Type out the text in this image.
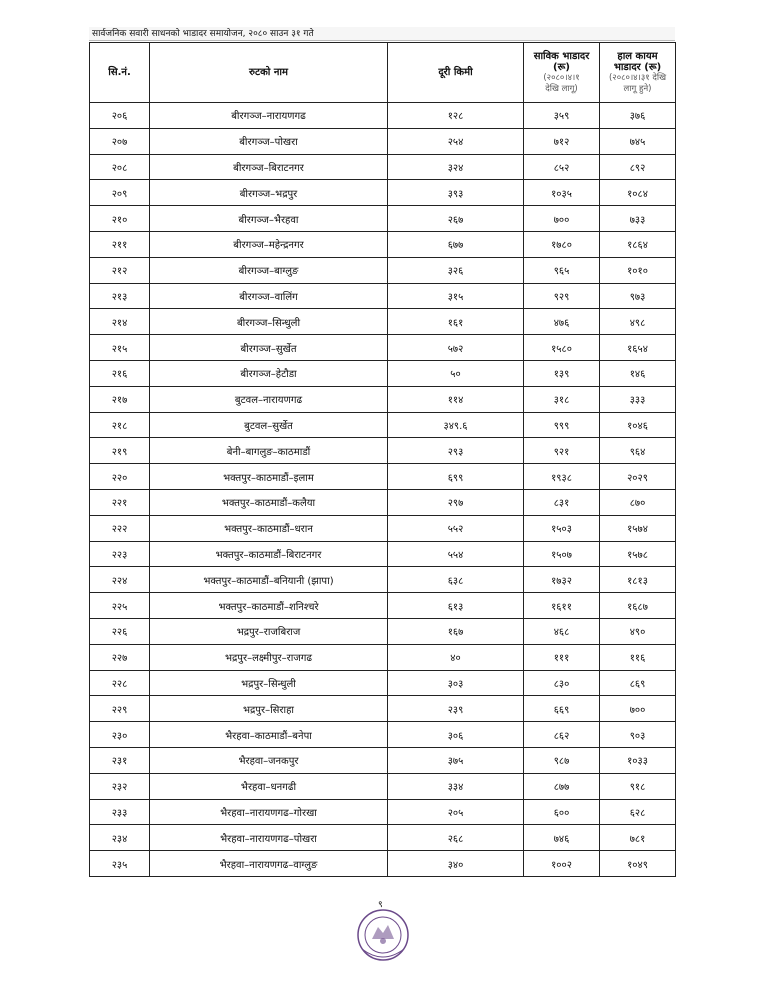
सार्वजनिक सवारी साधनको भाडादर समायोजन, २०८० साउन ३१ गते
सि.नं.	रुटको नाम	दूरी किमी	साविक भाडादर
(रू)
(२०८०।४।१
देखि लागू)	हाल कायम
भाडादर (रू)
(२०८०।४।३१ देखि
लागू हुने)

२०६	बीरगञ्ज–नारायणगढ	१२८	३५९	३७६
२०७	बीरगञ्ज–पोखरा	२५४	७१२	७४५
२०८	बीरगञ्ज–बिराटनगर	३२४	८५२	८९२
२०९	बीरगञ्ज–भद्रपुर	३९३	१०३५	१०८४
२१०	बीरगञ्ज–भैरहवा	२६७	७००	७३३
२११	बीरगञ्ज–महेन्द्रनगर	६७७	१७८०	१८६४
२१२	बीरगञ्ज–बाग्लुङ	३२६	९६५	१०१०
२१३	बीरगञ्ज–वालिंग	३१५	९२९	९७३
२१४	बीरगञ्ज–सिन्धुली	१६१	४७६	४९८
२१५	बीरगञ्ज–सुर्खेत	५७२	१५८०	१६५४
२१६	बीरगञ्ज–हेटौडा	५०	१३९	१४६
२१७	बुटवल–नारायणगढ	११४	३१८	३३३
२१८	बुटवल–सुर्खेत	३४९.६	९९९	१०४६
२१९	बेनी–बागलुङ–काठमाडौं	२९३	९२१	९६४
२२०	भक्तपुर–काठमाडौं–इलाम	६९९	१९३८	२०२९
२२१	भक्तपुर–काठमाडौं–कलैया	२९७	८३१	८७०
२२२	भक्तपुर–काठमाडौं–धरान	५५२	१५०३	१५७४
२२३	भक्तपुर–काठमाडौं–बिराटनगर	५५४	१५०७	१५७८
२२४	भक्तपुर–काठमाडौं–बनियानी (झापा)	६३८	१७३२	१८१३
२२५	भक्तपुर–काठमाडौं–शनिश्चरे	६१३	१६११	१६८७
२२६	भद्रपुर–राजबिराज	१६७	४६८	४९०
२२७	भद्रपुर–लक्ष्मीपुर–राजगढ	४०	१११	११६
२२८	भद्रपुर–सिन्धुली	३०३	८३०	८६९
२२९	भद्रपुर–सिराहा	२३९	६६९	७००
२३०	भैरहवा–काठमाडौं–बनेपा	३०६	८६२	९०३
२३१	भैरहवा–जनकपुर	३७५	९८७	१०३३
२३२	भैरहवा–धनगढी	३३४	८७७	९१८
२३३	भैरहवा–नारायणगढ–गोरखा	२०५	६००	६२८
२३४	भैरहवा–नारायणगढ–पोखरा	२६८	७४६	७८१
२३५	भैरहवा–नारायणगढ–वाग्लुङ	३४०	१००२	१०४९
९
